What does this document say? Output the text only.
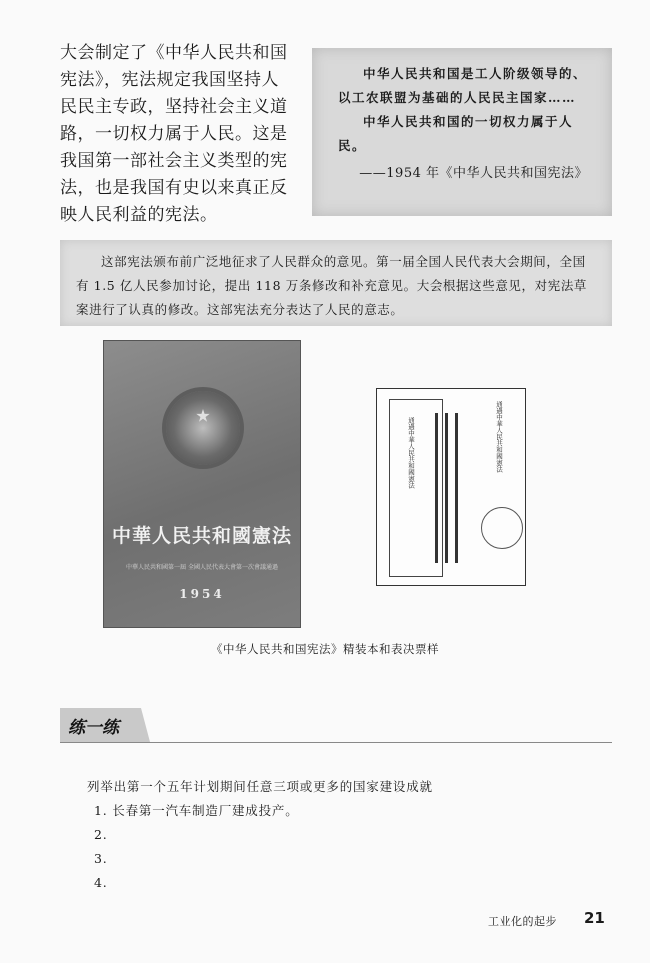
大会制定了《中华人民共和国宪法》，宪法规定我国坚持人民民主专政，坚持社会主义道路，一切权力属于人民。这是我国第一部社会主义类型的宪法，也是我国有史以来真正反映人民利益的宪法。

中华人民共和国是工人阶级领导的、以工农联盟为基础的人民民主国家……

中华人民共和国的一切权力属于人民。

——1954 年《中华人民共和国宪法》

这部宪法颁布前广泛地征求了人民群众的意见。第一届全国人民代表大会期间，全国有 1.5 亿人民参加讨论，提出 118 万条修改和补充意见。大会根据这些意见，对宪法草案进行了认真的修改。这部宪法充分表达了人民的意志。
中華人民共和國憲法
中華人民共和國第一屆 全國人民代表大會第一次會議通過
1954
通過中華人民共和國憲法	通過中華人民共和國憲法
《中华人民共和国宪法》精装本和表决票样
练一练
列举出第一个五年计划期间任意三项或更多的国家建设成就
1. 长春第一汽车制造厂建成投产。
2.
3.
4.
工业化的起步 21
